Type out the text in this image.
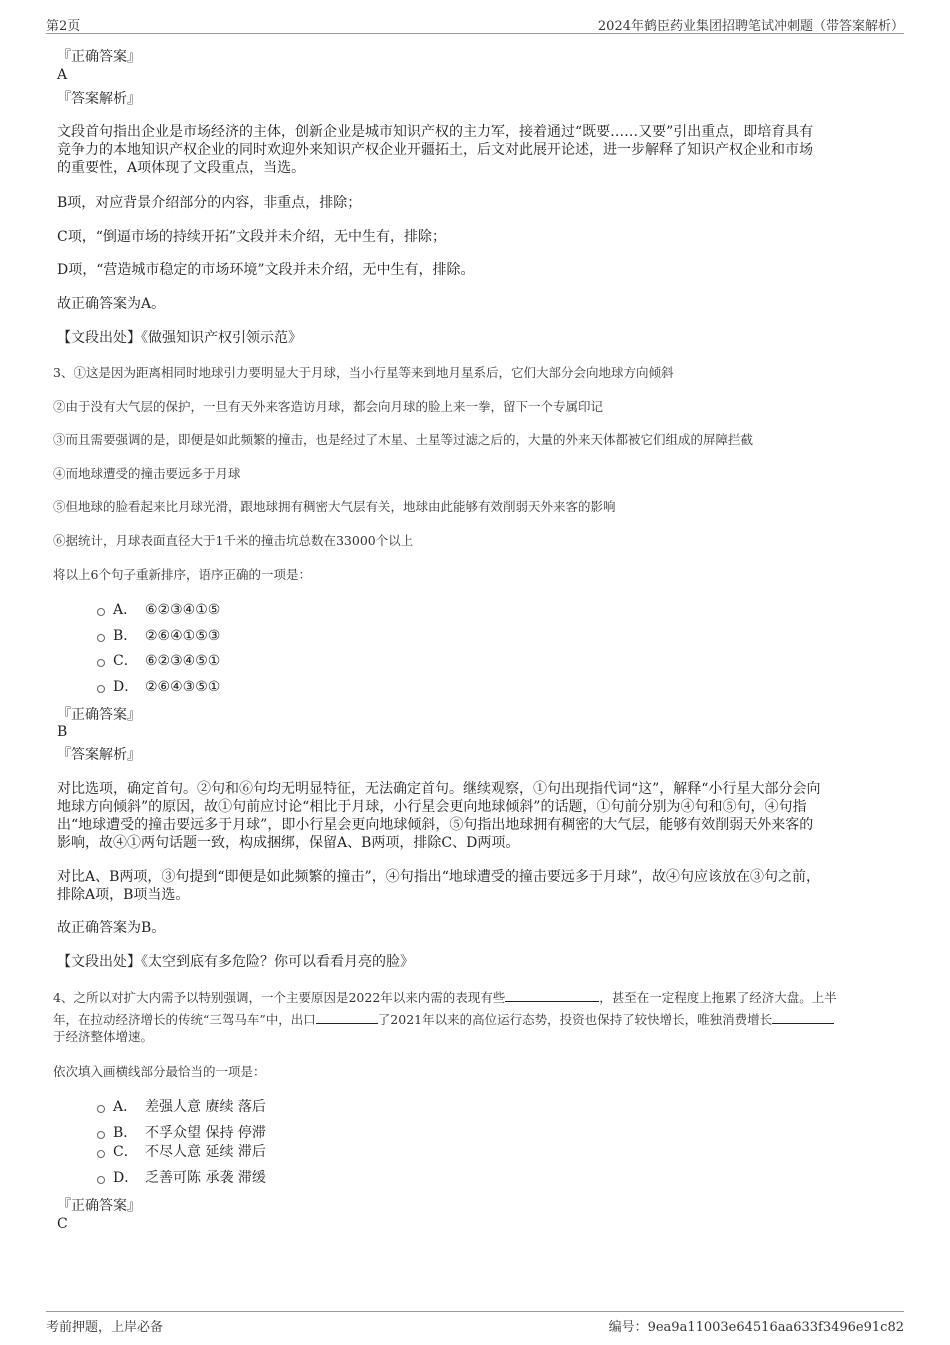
第2页	2024年鹤臣药业集团招聘笔试冲刺题（带答案解析）
『正确答案』
A
『答案解析』
文段首句指出企业是市场经济的主体，创新企业是城市知识产权的主力军，接着通过“既要……又要”引出重点，即培育具有
竞争力的本地知识产权企业的同时欢迎外来知识产权企业开疆拓土，后文对此展开论述，进一步解释了知识产权企业和市场
的重要性，A项体现了文段重点，当选。
B项，对应背景介绍部分的内容，非重点，排除；
C项，“倒逼市场的持续开拓”文段并未介绍，无中生有，排除；
D项，“营造城市稳定的市场环境”文段并未介绍，无中生有，排除。
故正确答案为A。
【文段出处】《做强知识产权引领示范》
3、①这是因为距离相同时地球引力要明显大于月球，当小行星等来到地月星系后，它们大部分会向地球方向倾斜
②由于没有大气层的保护，一旦有天外来客造访月球，都会向月球的脸上来一拳，留下一个专属印记
③而且需要强调的是，即便是如此频繁的撞击，也是经过了木星、土星等过滤之后的，大量的外来天体都被它们组成的屏障拦截
④而地球遭受的撞击要远多于月球
⑤但地球的脸看起来比月球光滑，跟地球拥有稠密大气层有关，地球由此能够有效削弱天外来客的影响
⑥据统计，月球表面直径大于1千米的撞击坑总数在33000个以上
将以上6个句子重新排序，语序正确的一项是：
A． ⑥②③④①⑤
B． ②⑥④①⑤③
C． ⑥②③④⑤①
D． ②⑥④③⑤①
『正确答案』
B
『答案解析』
对比选项，确定首句。②句和⑥句均无明显特征，无法确定首句。继续观察，①句出现指代词“这”，解释“小行星大部分会向
地球方向倾斜”的原因，故①句前应讨论“相比于月球，小行星会更向地球倾斜”的话题，①句前分别为④句和⑤句，④句指
出“地球遭受的撞击要远多于月球”，即小行星会更向地球倾斜，⑤句指出地球拥有稠密的大气层，能够有效削弱天外来客的
影响，故④①两句话题一致，构成捆绑，保留A、B两项，排除C、D两项。
对比A、B两项，③句提到“即便是如此频繁的撞击”，④句指出“地球遭受的撞击要远多于月球”，故④句应该放在③句之前，
排除A项，B项当选。
故正确答案为B。
【文段出处】《太空到底有多危险？你可以看看月亮的脸》
4、之所以对扩大内需予以特别强调，一个主要原因是2022年以来内需的表现有些	，甚至在一定程度上拖累了经济大盘。上半
年，在拉动经济增长的传统“三驾马车”中，出口	了2021年以来的高位运行态势，投资也保持了较快增长，唯独消费增长
于经济整体增速。
依次填入画横线部分最恰当的一项是：
A． 差强人意 赓续 落后
B． 不孚众望 保持 停滞
C． 不尽人意 延续 滞后
D． 乏善可陈 承袭 滞缓
『正确答案』
C
考前押题，上岸必备	编号：9ea9a11003e64516aa633f3496e91c82
